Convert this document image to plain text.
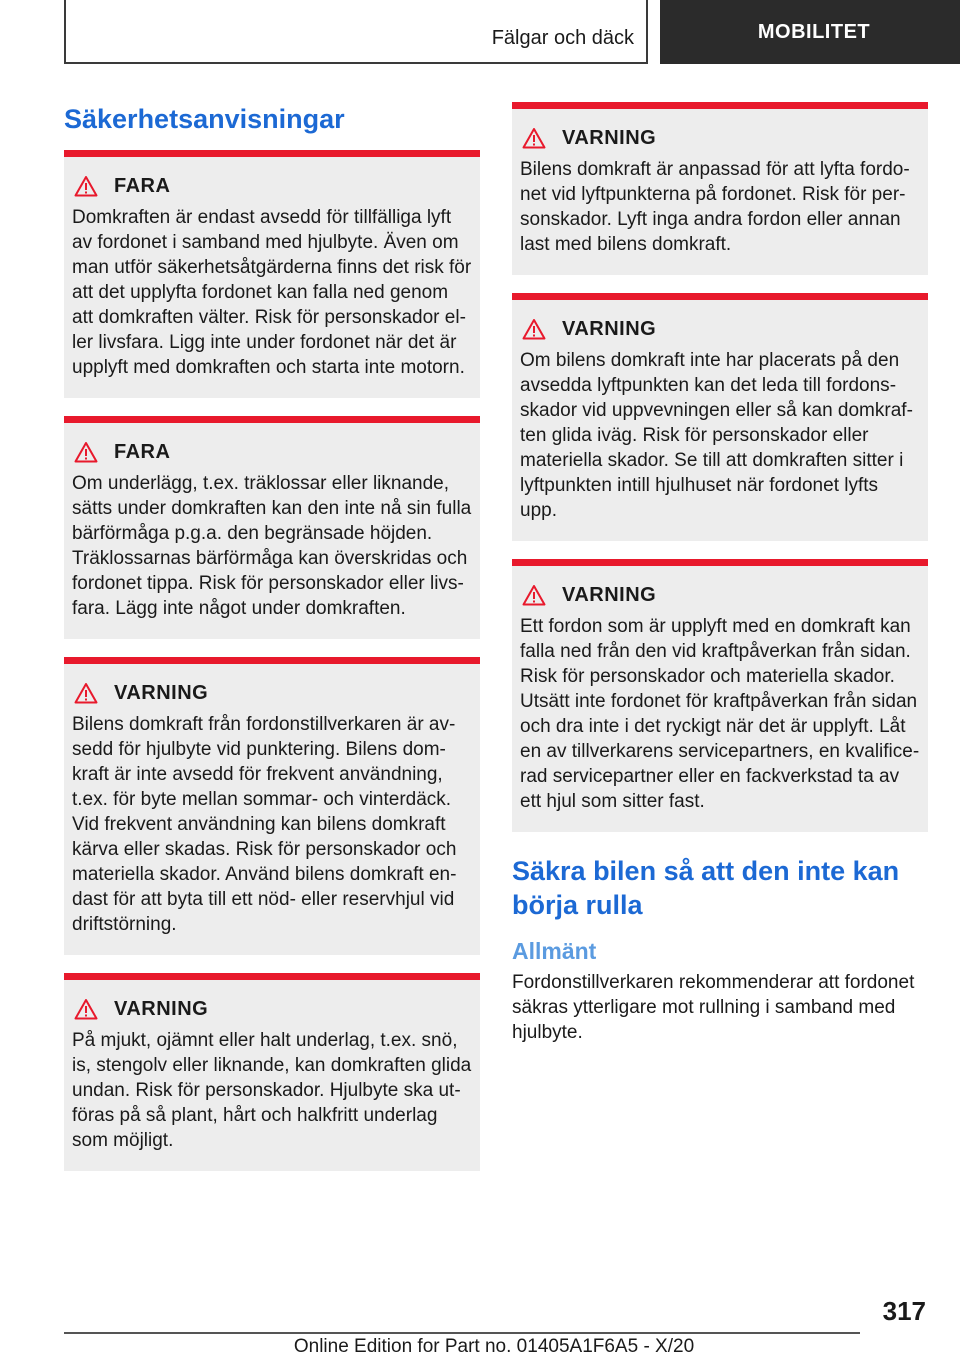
Fälgar och däck	MOBILITET
Säkerhetsanvisningar
FARA

Domkraften är endast avsedd för tillfälliga lyft av fordonet i samband med hjulbyte. Även om man utför säkerhetsåtgärderna finns det risk för att det upplyfta fordonet kan falla ned genom att domkraften välter. Risk för personskador eller livsfara. Ligg inte under fordonet när det är upplyft med domkraften och starta inte motorn.

FARA

Om underlägg, t.ex. träklossar eller liknande, sätts under domkraften kan den inte nå sin fulla bärförmåga p.g.a. den begränsade höjden. Träklossarnas bärförmåga kan överskridas och fordonet tippa. Risk för personskador eller livsfara. Lägg inte något under domkraften.

VARNING

Bilens domkraft från fordonstillverkaren är avsedd för hjulbyte vid punktering. Bilens domkraft är inte avsedd för frekvent användning, t.ex. för byte mellan sommar- och vinterdäck. Vid frekvent användning kan bilens domkraft kärva eller skadas. Risk för personskador och materiella skador. Använd bilens domkraft endast för att byta till ett nöd- eller reservhjul vid driftstörning.

VARNING

På mjukt, ojämnt eller halt underlag, t.ex. snö, is, stengolv eller liknande, kan domkraften glida undan. Risk för personskador. Hjulbyte ska utföras på så plant, hårt och halkfritt underlag som möjligt.

VARNING

Bilens domkraft är anpassad för att lyfta fordonet vid lyftpunkterna på fordonet. Risk för personskador. Lyft inga andra fordon eller annan last med bilens domkraft.

VARNING

Om bilens domkraft inte har placerats på den avsedda lyftpunkten kan det leda till fordonsskador vid uppvevningen eller så kan domkraften glida iväg. Risk för personskador eller materiella skador. Se till att domkraften sitter i lyftpunkten intill hjulhuset när fordonet lyfts upp.

VARNING

Ett fordon som är upplyft med en domkraft kan falla ned från den vid kraftpåverkan från sidan. Risk för personskador och materiella skador. Utsätt inte fordonet för kraftpåverkan från sidan och dra inte i det ryckigt när det är upplyft. Låt en av tillverkarens servicepartners, en kvalificerad servicepartner eller en fackverkstad ta av ett hjul som sitter fast.

Säkra bilen så att den inte kan börja rulla
Allmänt

Fordonstillverkaren rekommenderar att fordonet säkras ytterligare mot rullning i samband med hjulbyte.

317
Online Edition for Part no. 01405A1F6A5 - X/20
